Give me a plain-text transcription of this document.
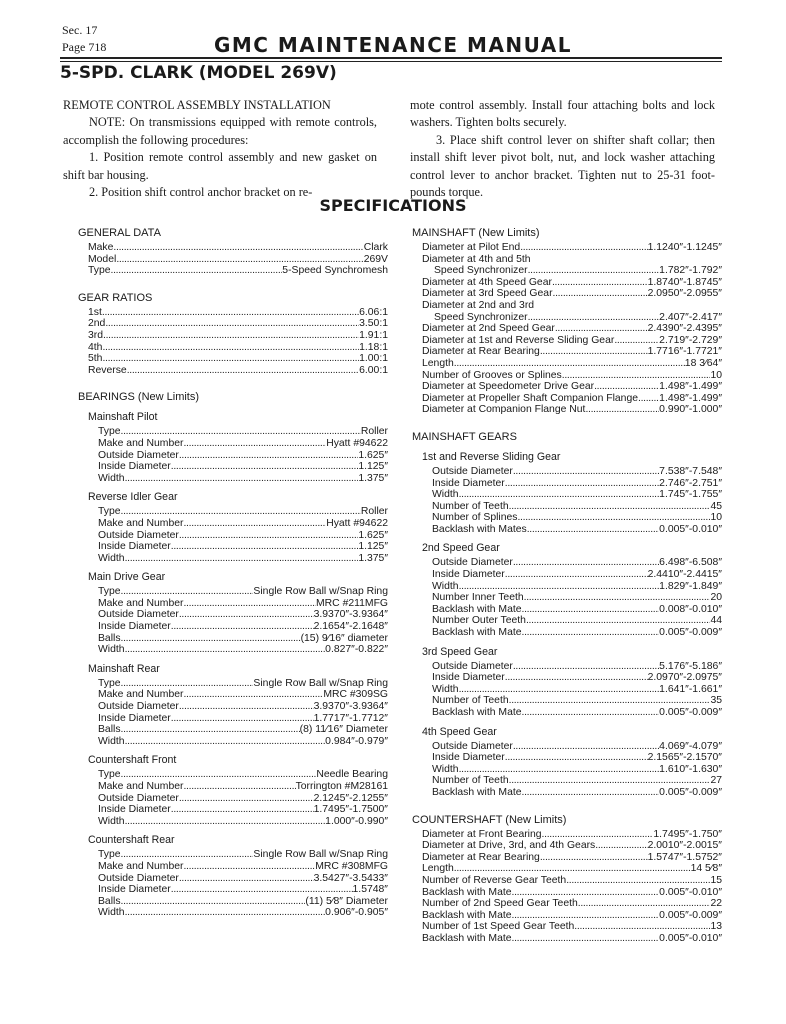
Sec. 17
Page 718	GMC MAINTENANCE MANUAL
5-SPD. CLARK (MODEL 269V)

REMOTE CONTROL ASSEMBLY INSTALLATION

NOTE: On transmissions equipped with remote controls, accomplish the following procedures:

1. Position remote control assembly and new gasket on shift bar housing.

2. Position shift control anchor bracket on re-

mote control assembly. Install four attaching bolts and lock washers. Tighten bolts securely.

3. Place shift control lever on shifter shaft collar; then install shift lever pivot bolt, nut, and lock washer attaching control lever to anchor bracket. Tighten nut to 25-31 foot-pounds torque.

SPECIFICATIONS
GENERAL DATA
Make . . .	Clark
Model . . .	269V
Type . . .	5-Speed Synchromesh
GEAR RATIOS
1st . . .	6.06:1
2nd . . .	3.50:1
3rd . . .	1.91:1
4th . . .	1.18:1
5th . . .	1.00:1
Reverse . . .	6.00:1
BEARINGS (New Limits)
Mainshaft Pilot
Type . . .	Roller
Make and Number . . .	Hyatt #94622
Outside Diameter . . .	1.625″
Inside Diameter . . .	1.125″
Width . . .	1.375″
Reverse Idler Gear
Type . . .	Roller
Make and Number . . .	Hyatt #94622
Outside Diameter . . .	1.625″
Inside Diameter . . .	1.125″
Width . . .	1.375″
Main Drive Gear
Type . . .	Single Row Ball w/Snap Ring
Make and Number . . .	MRC #211MFG
Outside Diameter . . .	3.9370″-3.9364″
Inside Diameter . . .	2.1654″-2.1648″
Balls . . .	(15) 9⁄16″ diameter
Width . . .	0.827″-0.822″
Mainshaft Rear
Type . . .	Single Row Ball w/Snap Ring
Make and Number . . .	MRC #309SG
Outside Diameter . . .	3.9370″-3.9364″
Inside Diameter . . .	1.7717″-1.7712″
Balls . . .	(8) 11⁄16″ Diameter
Width . . .	0.984″-0.979″
Countershaft Front
Type . . .	Needle Bearing
Make and Number . . .	Torrington #M28161
Outside Diameter . . .	2.1245″-2.1255″
Inside Diameter . . .	1.7495″-1.7500″
Width . . .	1.000″-0.990″
Countershaft Rear
Type . . .	Single Row Ball w/Snap Ring
Make and Number . . .	MRC #308MFG
Outside Diameter . . .	3.5427″-3.5433″
Inside Diameter . . .	1.5748″
Balls . . .	(11) 5⁄8″ Diameter
Width . . .	0.906″-0.905″
MAINSHAFT (New Limits)
Diameter at Pilot End . . .	1.1240″-1.1245″
Diameter at 4th and 5th
Speed Synchronizer . . .	1.782″-1.792″
Diameter at 4th Speed Gear . . .	1.8740″-1.8745″
Diameter at 3rd Speed Gear . . .	2.0950″-2.0955″
Diameter at 2nd and 3rd
Speed Synchronizer . . .	2.407″-2.417″
Diameter at 2nd Speed Gear . . .	2.4390″-2.4395″
Diameter at 1st and Reverse Sliding Gear . . .	2.719″-2.729″
Diameter at Rear Bearing . . .	1.7716″-1.7721″
Length . . .	18 3⁄64″
Number of Grooves or Splines . . .	10
Diameter at Speedometer Drive Gear . . .	1.498″-1.499″
Diameter at Propeller Shaft Companion Flange . . . 1.498″-1.499″
Diameter at Companion Flange Nut . . .	0.990″-1.000″
MAINSHAFT GEARS
1st and Reverse Sliding Gear
Outside Diameter . . .	7.538″-7.548″
Inside Diameter . . .	2.746″-2.751″
Width . . .	1.745″-1.755″
Number of Teeth . . .	45
Number of Splines . . .	10
Backlash with Mates . . .	0.005″-0.010″
2nd Speed Gear
Outside Diameter . . .	6.498″-6.508″
Inside Diameter . . .	2.4410″-2.4415″
Width . . .	1.829″-1.849″
Number Inner Teeth . . .	20
Backlash with Mate . . .	0.008″-0.010″
Number Outer Teeth . . .	44
Backlash with Mate . . .	0.005″-0.009″
3rd Speed Gear
Outside Diameter . . .	5.176″-5.186″
Inside Diameter . . .	2.0970″-2.0975″
Width . . .	1.641″-1.661″
Number of Teeth . . .	35
Backlash with Mate . . .	0.005″-0.009″
4th Speed Gear
Outside Diameter . . .	4.069″-4.079″
Inside Diameter . . .	2.1565″-2.1570″
Width . . .	1.610″-1.630″
Number of Teeth . . .	27
Backlash with Mate . . .	0.005″-0.009″
COUNTERSHAFT (New Limits)
Diameter at Front Bearing . . .	1.7495″-1.750″
Diameter at Drive, 3rd, and 4th Gears . . .	2.0010″-2.0015″
Diameter at Rear Bearing . . .	1.5747″-1.5752″
Length . . .	14 5⁄8″
Number of Reverse Gear Teeth . . .	15
Backlash with Mate . . .	0.005″-0.010″
Number of 2nd Speed Gear Teeth . . .	22
Backlash with Mate . . .	0.005″-0.009″
Number of 1st Speed Gear Teeth . . .	13
Backlash with Mate . . .	0.005″-0.010″
